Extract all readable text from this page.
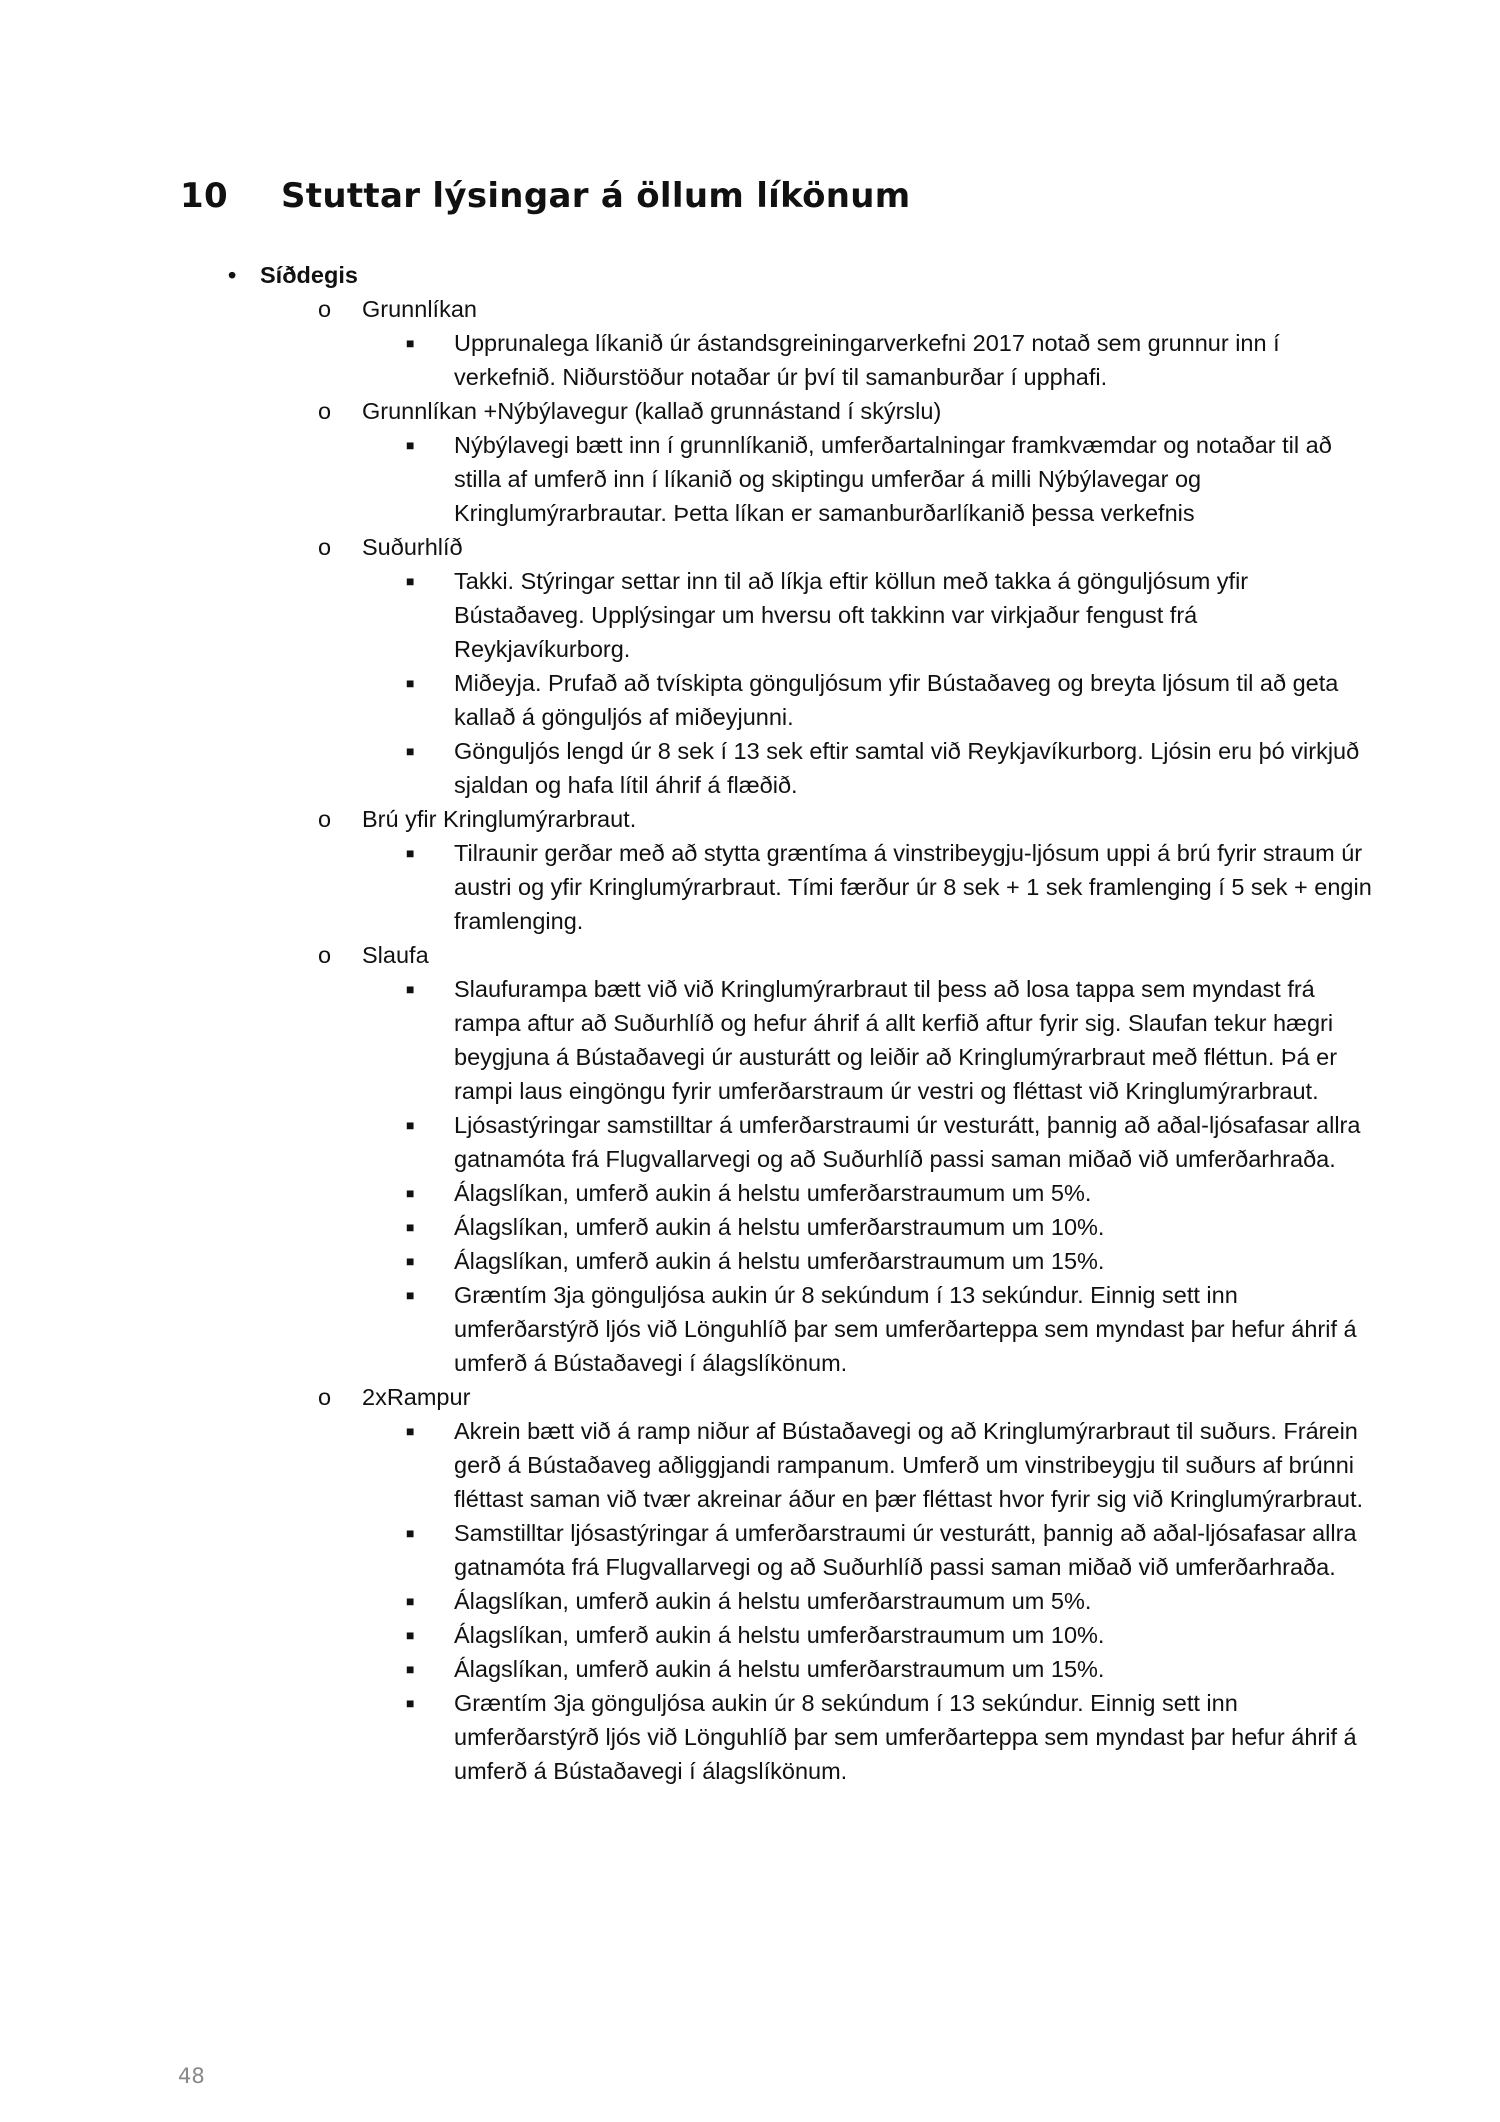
10 Stuttar lýsingar á öllum líkönum
• Síðdegis
o Grunnlíkan
■ Upprunalega líkanið úr ástandsgreiningarverkefni 2017 notað sem grunnur inn í verkefnið. Niðurstöður notaðar úr því til samanburðar í upphafi.
o Grunnlíkan +Nýbýlavegur (kallað grunnástand í skýrslu)
■ Nýbýlavegi bætt inn í grunnlíkanið, umferðartalningar framkvæmdar og notaðar til að stilla af umferð inn í líkanið og skiptingu umferðar á milli Nýbýlavegar og Kringlumýrarbrautar. Þetta líkan er samanburðarlíkanið þessa verkefnis
o Suðurhlíð
■ Takki. Stýringar settar inn til að líkja eftir köllun með takka á gönguljósum yfir Bústaðaveg. Upplýsingar um hversu oft takkinn var virkjaður fengust frá Reykjavíkurborg.
■ Miðeyja. Prufað að tvískipta gönguljósum yfir Bústaðaveg og breyta ljósum til að geta kallað á gönguljós af miðeyjunni.
■ Gönguljós lengd úr 8 sek í 13 sek eftir samtal við Reykjavíkurborg. Ljósin eru þó virkjuð sjaldan og hafa lítil áhrif á flæðið.
o Brú yfir Kringlumýrarbraut.
■ Tilraunir gerðar með að stytta græntíma á vinstribeygju-ljósum uppi á brú fyrir straum úr austri og yfir Kringlumýrarbraut. Tími færður úr 8 sek + 1 sek framlenging í 5 sek + engin framlenging.
o Slaufa
■ Slaufurampa bætt við við Kringlumýrarbraut til þess að losa tappa sem myndast frá rampa aftur að Suðurhlíð og hefur áhrif á allt kerfið aftur fyrir sig. Slaufan tekur hægri beygjuna á Bústaðavegi úr austurátt og leiðir að Kringlumýrarbraut með fléttun. Þá er rampi laus eingöngu fyrir umferðarstraum úr vestri og fléttast við Kringlumýrarbraut.
■ Ljósastýringar samstilltar á umferðarstraumi úr vesturátt, þannig að aðal-ljósafasar allra gatnamóta frá Flugvallarvegi og að Suðurhlíð passi saman miðað við umferðarhraða.
■ Álagslíkan, umferð aukin á helstu umferðarstraumum um 5%.
■ Álagslíkan, umferð aukin á helstu umferðarstraumum um 10%.
■ Álagslíkan, umferð aukin á helstu umferðarstraumum um 15%.
■ Græntím 3ja gönguljósa aukin úr 8 sekúndum í 13 sekúndur. Einnig sett inn umferðarstýrð ljós við Lönguhlíð þar sem umferðarteppa sem myndast þar hefur áhrif á umferð á Bústaðavegi í álagslíkönum.
o 2xRampur
■ Akrein bætt við á ramp niður af Bústaðavegi og að Kringlumýrarbraut til suðurs. Frárein gerð á Bústaðaveg aðliggjandi rampanum. Umferð um vinstribeygju til suðurs af brúnni fléttast saman við tvær akreinar áður en þær fléttast hvor fyrir sig við Kringlumýrarbraut.
■ Samstilltar ljósastýringar á umferðarstraumi úr vesturátt, þannig að aðal-ljósafasar allra gatnamóta frá Flugvallarvegi og að Suðurhlíð passi saman miðað við umferðarhraða.
■ Álagslíkan, umferð aukin á helstu umferðarstraumum um 5%.
■ Álagslíkan, umferð aukin á helstu umferðarstraumum um 10%.
■ Álagslíkan, umferð aukin á helstu umferðarstraumum um 15%.
■ Græntím 3ja gönguljósa aukin úr 8 sekúndum í 13 sekúndur. Einnig sett inn umferðarstýrð ljós við Lönguhlíð þar sem umferðarteppa sem myndast þar hefur áhrif á umferð á Bústaðavegi í álagslíkönum.
48
